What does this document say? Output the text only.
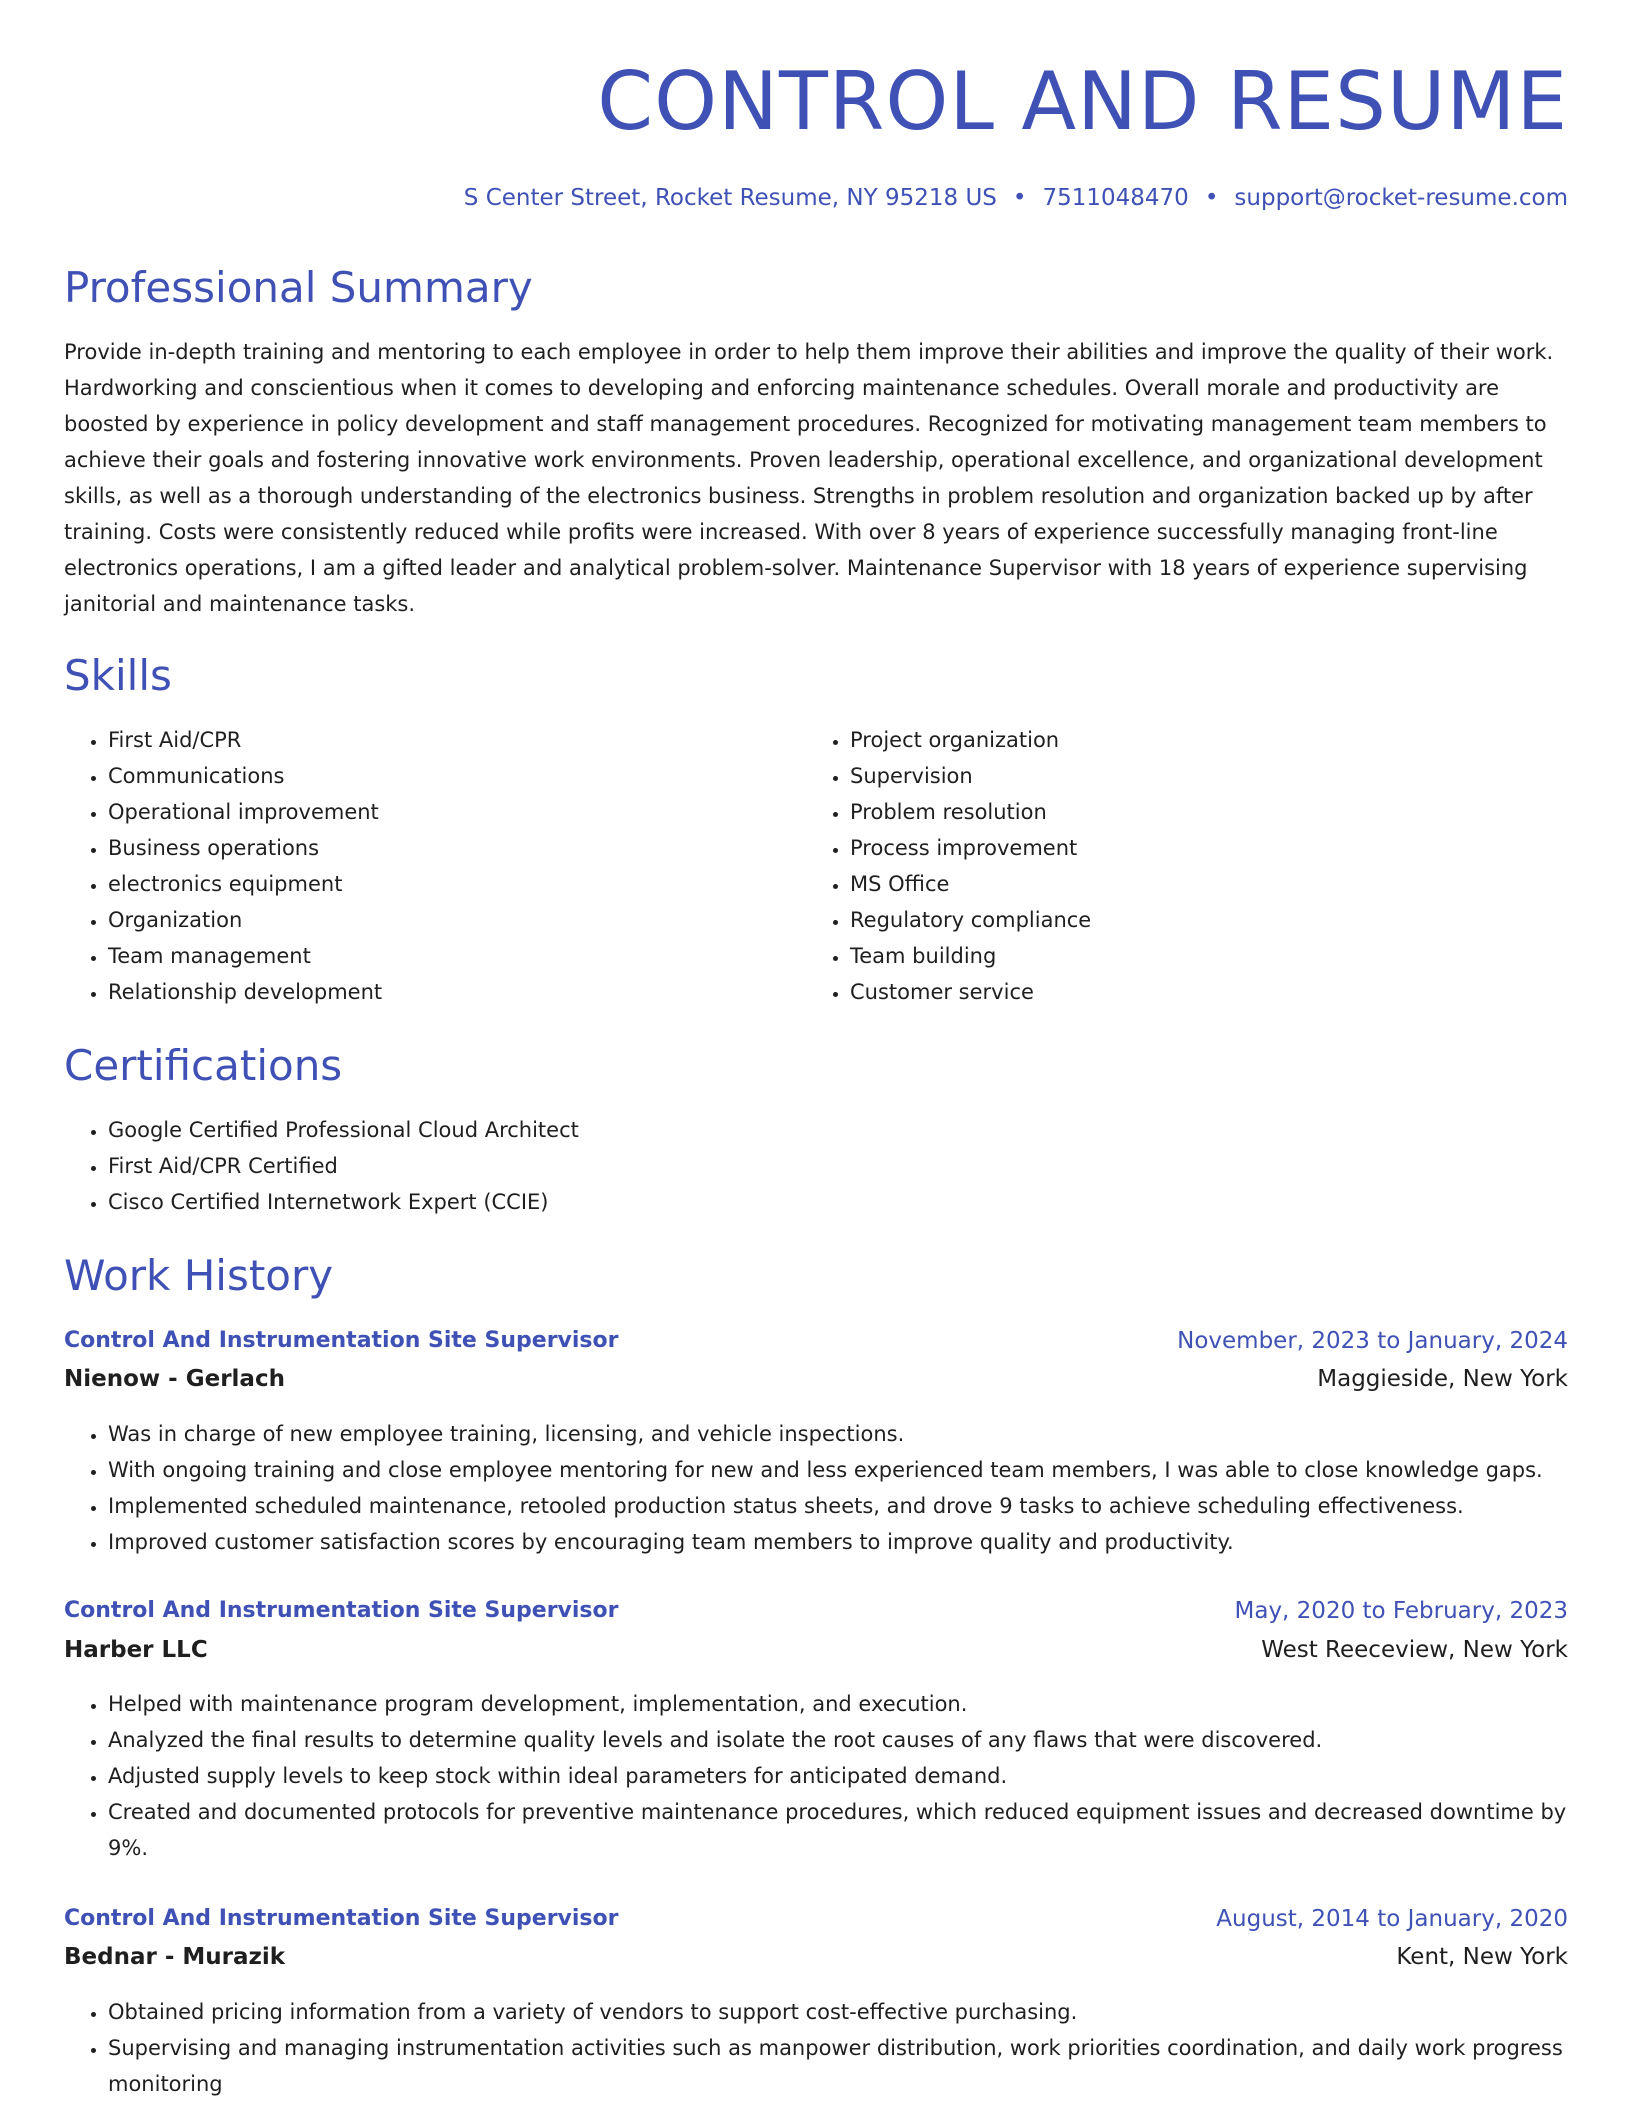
CONTROL AND RESUME
S Center Street, Rocket Resume, NY 95218 US • 7511048470 • support@rocket-resume.com
Professional Summary

Provide in-depth training and mentoring to each employee in order to help them improve their abilities and improve the quality of their work. Hardworking and conscientious when it comes to developing and enforcing maintenance schedules. Overall morale and productivity are boosted by experience in policy development and staff management procedures. Recognized for motivating management team members to achieve their goals and fostering innovative work environments. Proven leadership, operational excellence, and organizational development skills, as well as a thorough understanding of the electronics business. Strengths in problem resolution and organization backed up by after training. Costs were consistently reduced while profits were increased. With over 8 years of experience successfully managing front-line electronics operations, I am a gifted leader and analytical problem-solver. Maintenance Supervisor with 18 years of experience supervising janitorial and maintenance tasks.

Skills
• First Aid/CPR
• Communications
• Operational improvement
• Business operations
• electronics equipment
• Organization
• Team management
• Relationship development
• Project organization
• Supervision
• Problem resolution
• Process improvement
• MS Office
• Regulatory compliance
• Team building
• Customer service
Certifications
• Google Certified Professional Cloud Architect
• First Aid/CPR Certified
• Cisco Certified Internetwork Expert (CCIE)
Work History
Control And Instrumentation Site Supervisor	November, 2023 to January, 2024
Nienow - Gerlach	Maggieside, New York
• Was in charge of new employee training, licensing, and vehicle inspections.
• With ongoing training and close employee mentoring for new and less experienced team members, I was able to close knowledge gaps.
• Implemented scheduled maintenance, retooled production status sheets, and drove 9 tasks to achieve scheduling effectiveness.
• Improved customer satisfaction scores by encouraging team members to improve quality and productivity.
Control And Instrumentation Site Supervisor	May, 2020 to February, 2023
Harber LLC	West Reeceview, New York
• Helped with maintenance program development, implementation, and execution.
• Analyzed the final results to determine quality levels and isolate the root causes of any flaws that were discovered.
• Adjusted supply levels to keep stock within ideal parameters for anticipated demand.
• Created and documented protocols for preventive maintenance procedures, which reduced equipment issues and decreased downtime by 9%.
Control And Instrumentation Site Supervisor	August, 2014 to January, 2020
Bednar - Murazik	Kent, New York
• Obtained pricing information from a variety of vendors to support cost-effective purchasing.
• Supervising and managing instrumentation activities such as manpower distribution, work priorities coordination, and daily work progress monitoring
